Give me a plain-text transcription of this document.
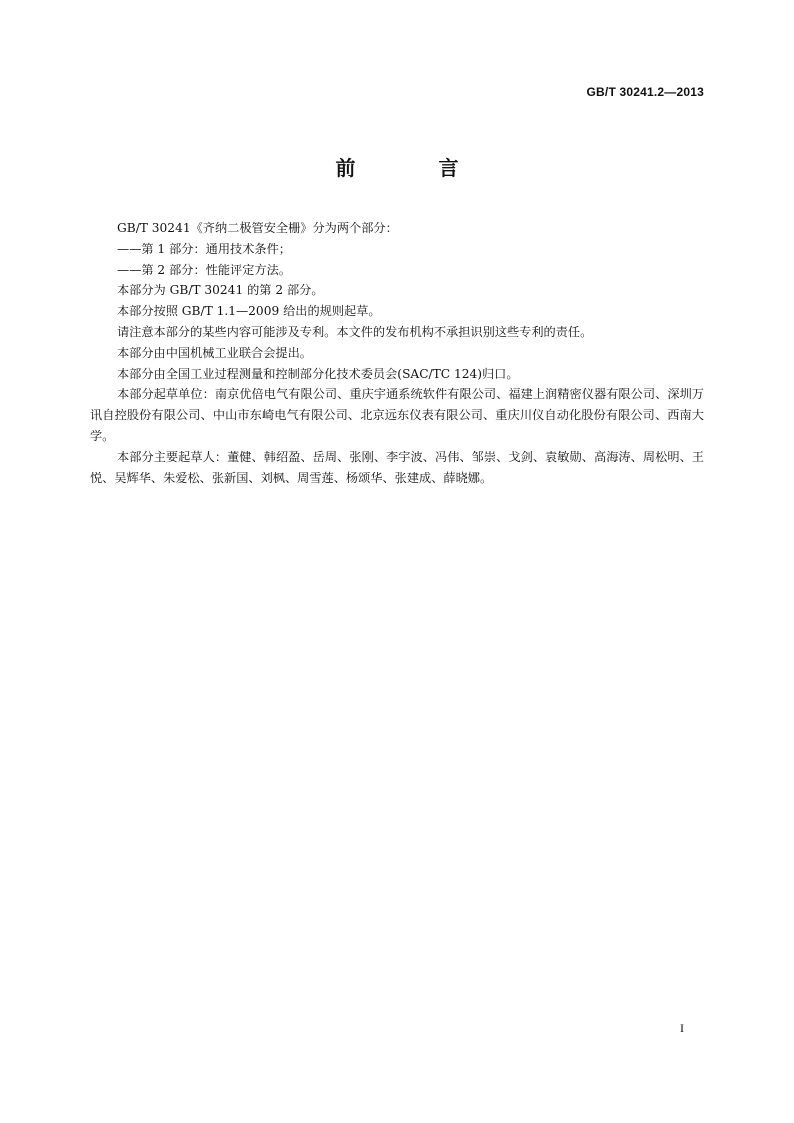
GB/T 30241.2—2013
前 言

GB/T 30241《齐纳二极管安全栅》分为两个部分：

——第 1 部分：通用技术条件；

——第 2 部分：性能评定方法。

本部分为 GB/T 30241 的第 2 部分。

本部分按照 GB/T 1.1—2009 给出的规则起草。

请注意本部分的某些内容可能涉及专利。本文件的发布机构不承担识别这些专利的责任。

本部分由中国机械工业联合会提出。

本部分由全国工业过程测量和控制部分化技术委员会(SAC/TC 124)归口。

本部分起草单位：南京优倍电气有限公司、重庆宇通系统软件有限公司、福建上润精密仪器有限公司、深圳万讯自控股份有限公司、中山市东崎电气有限公司、北京远东仪表有限公司、重庆川仪自动化股份有限公司、西南大学。

本部分主要起草人：董健、韩绍盈、岳周、张刚、李宇波、冯伟、邹崇、戈剑、袁敏勋、高海涛、周松明、王悦、吴辉华、朱爱松、张新国、刘枫、周雪莲、杨颂华、张建成、薛晓娜。

I
